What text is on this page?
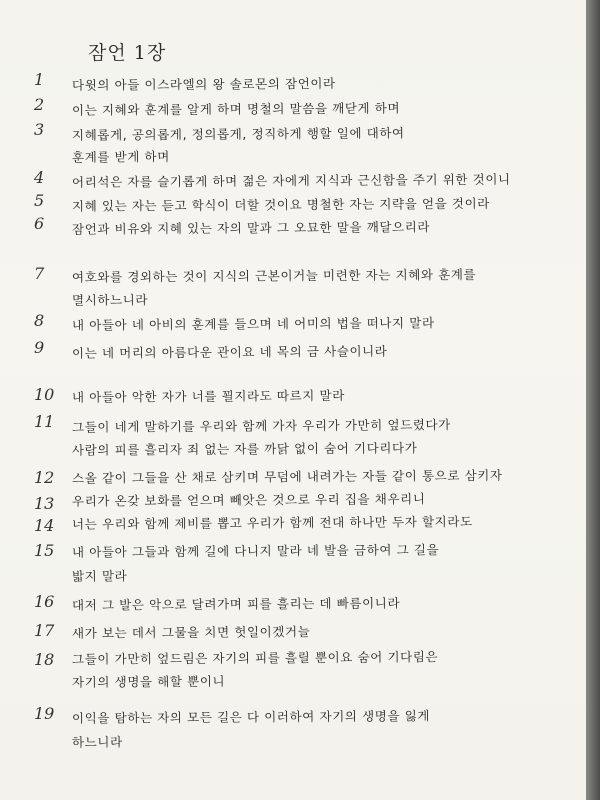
잠언 1장
1 다윗의 아들 이스라엘의 왕 솔로몬의 잠언이라
2 이는 지혜와 훈계를 알게 하며 명철의 말씀을 깨닫게 하며
3 지혜롭게, 공의롭게, 정의롭게, 정직하게 행할 일에 대하여
훈계를 받게 하며
4 어리석은 자를 슬기롭게 하며 젊은 자에게 지식과 근신함을 주기 위한 것이니
5 지혜 있는 자는 듣고 학식이 더할 것이요 명철한 자는 지략을 얻을 것이라
6 잠언과 비유와 지혜 있는 자의 말과 그 오묘한 말을 깨달으리라
7 여호와를 경외하는 것이 지식의 근본이거늘 미련한 자는 지혜와 훈계를
멸시하느니라
8 내 아들아 네 아비의 훈계를 들으며 네 어미의 법을 떠나지 말라
9 이는 네 머리의 아름다운 관이요 네 목의 금 사슬이니라
10 내 아들아 악한 자가 너를 꾈지라도 따르지 말라
11 그들이 네게 말하기를 우리와 함께 가자 우리가 가만히 엎드렸다가
사람의 피를 흘리자 죄 없는 자를 까닭 없이 숨어 기다리다가
12 스올 같이 그들을 산 채로 삼키며 무덤에 내려가는 자들 같이 통으로 삼키자
13 우리가 온갖 보화를 얻으며 빼앗은 것으로 우리 집을 채우리니
14 너는 우리와 함께 제비를 뽑고 우리가 함께 전대 하나만 두자 할지라도
15 내 아들아 그들과 함께 길에 다니지 말라 네 발을 금하여 그 길을
밟지 말라
16 대저 그 발은 악으로 달려가며 피를 흘리는 데 빠름이니라
17 새가 보는 데서 그물을 치면 헛일이겠거늘
18 그들이 가만히 엎드림은 자기의 피를 흘릴 뿐이요 숨어 기다림은
자기의 생명을 해할 뿐이니
19 이익을 탐하는 자의 모든 길은 다 이러하여 자기의 생명을 잃게
하느니라
